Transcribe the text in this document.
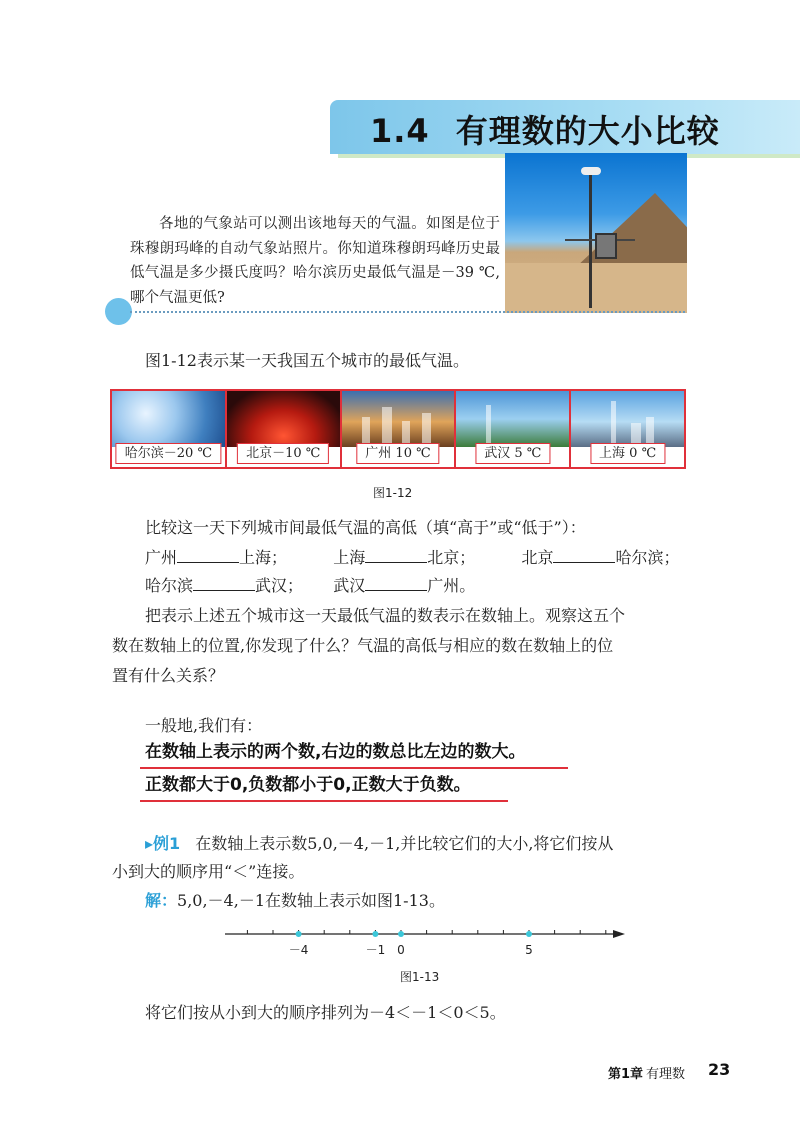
1.4 有理数的大小比较
各地的气象站可以测出该地每天的气温。如图是位于珠穆朗玛峰的自动气象站照片。你知道珠穆朗玛峰历史最低气温是多少摄氏度吗？哈尔滨历史最低气温是－39 ℃,哪个气温更低?
图1-12表示某一天我国五个城市的最低气温。
哈尔滨－20 ℃	北京－10 ℃	广州 10 ℃	武汉 5 ℃	上海 0 ℃
图1-12
比较这一天下列城市间最低气温的高低（填“高于”或“低于”）：
广州	上海；	上海	北京；	北京	哈尔滨；
哈尔滨	武汉； 武汉	广州。
把表示上述五个城市这一天最低气温的数表示在数轴上。观察这五个
数在数轴上的位置,你发现了什么？气温的高低与相应的数在数轴上的位
置有什么关系？
一般地,我们有：
在数轴上表示的两个数,右边的数总比左边的数大。
正数都大于0,负数都小于0,正数大于负数。
▸例1 在数轴上表示数5,0,－4,－1,并比较它们的大小,将它们按从
小到大的顺序用“＜”连接。
解：5,0,－4,－1在数轴上表示如图1-13。
－4	－1 0	5
图1-13
将它们按从小到大的顺序排列为－4＜－1＜0＜5。
第1章 有理数 23
